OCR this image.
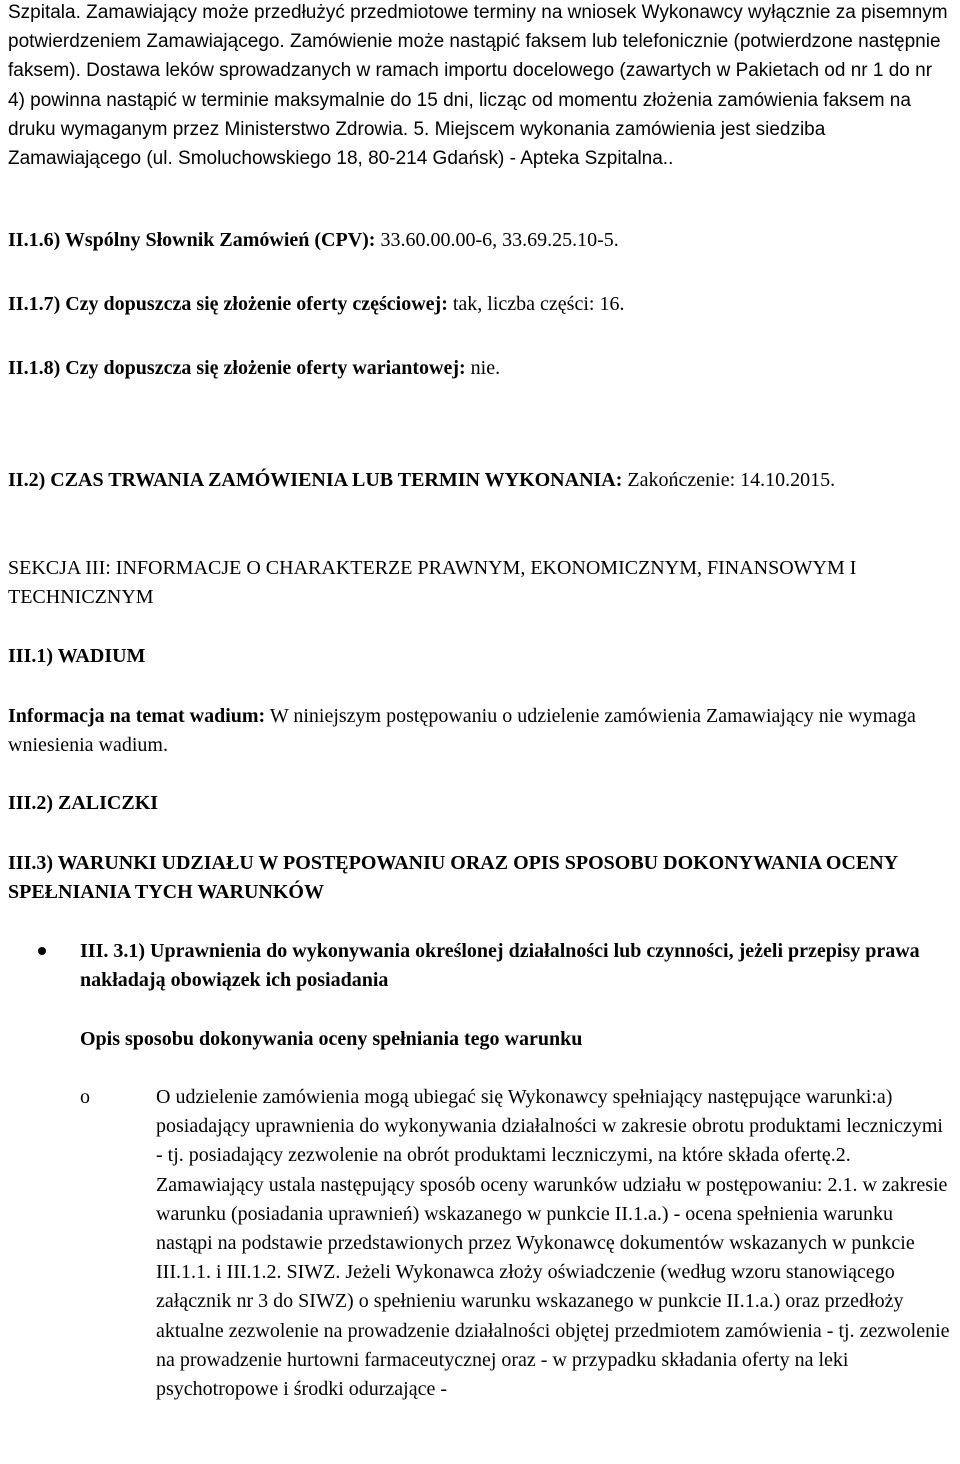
Szpitala. Zamawiający może przedłużyć przedmiotowe terminy na wniosek Wykonawcy wyłącznie za pisemnym potwierdzeniem Zamawiającego. Zamówienie może nastąpić faksem lub telefonicznie (potwierdzone następnie faksem). Dostawa leków sprowadzanych w ramach importu docelowego (zawartych w Pakietach od nr 1 do nr 4) powinna nastąpić w terminie maksymalnie do 15 dni, licząc od momentu złożenia zamówienia faksem na druku wymaganym przez Ministerstwo Zdrowia. 5. Miejscem wykonania zamówienia jest siedziba Zamawiającego (ul. Smoluchowskiego 18, 80-214 Gdańsk) - Apteka Szpitalna..

II.1.6) Wspólny Słownik Zamówień (CPV): 33.60.00.00-6, 33.69.25.10-5.

II.1.7) Czy dopuszcza się złożenie oferty częściowej: tak, liczba części: 16.

II.1.8) Czy dopuszcza się złożenie oferty wariantowej: nie.

II.2) CZAS TRWANIA ZAMÓWIENIA LUB TERMIN WYKONANIA: Zakończenie: 14.10.2015.

SEKCJA III: INFORMACJE O CHARAKTERZE PRAWNYM, EKONOMICZNYM, FINANSOWYM I TECHNICZNYM

III.1) WADIUM

Informacja na temat wadium: W niniejszym postępowaniu o udzielenie zamówienia Zamawiający nie wymaga wniesienia wadium.

III.2) ZALICZKI

III.3) WARUNKI UDZIAŁU W POSTĘPOWANIU ORAZ OPIS SPOSOBU DOKONYWANIA OCENY SPEŁNIANIA TYCH WARUNKÓW

III. 3.1) Uprawnienia do wykonywania określonej działalności lub czynności, jeżeli przepisy prawa nakładają obowiązek ich posiadania
Opis sposobu dokonywania oceny spełniania tego warunku
o	O udzielenie zamówienia mogą ubiegać się Wykonawcy spełniający następujące warunki:a) posiadający uprawnienia do wykonywania działalności w zakresie obrotu produktami leczniczymi - tj. posiadający zezwolenie na obrót produktami leczniczymi, na które składa ofertę.2. Zamawiający ustala następujący sposób oceny warunków udziału w postępowaniu: 2.1. w zakresie warunku (posiadania uprawnień) wskazanego w punkcie II.1.a.) - ocena spełnienia warunku nastąpi na podstawie przedstawionych przez Wykonawcę dokumentów wskazanych w punkcie III.1.1. i III.1.2. SIWZ. Jeżeli Wykonawca złoży oświadczenie (według wzoru stanowiącego załącznik nr 3 do SIWZ) o spełnieniu warunku wskazanego w punkcie II.1.a.) oraz przedłoży aktualne zezwolenie na prowadzenie działalności objętej przedmiotem zamówienia - tj. zezwolenie na prowadzenie hurtowni farmaceutycznej oraz - w przypadku składania oferty na leki psychotropowe i środki odurzające -
